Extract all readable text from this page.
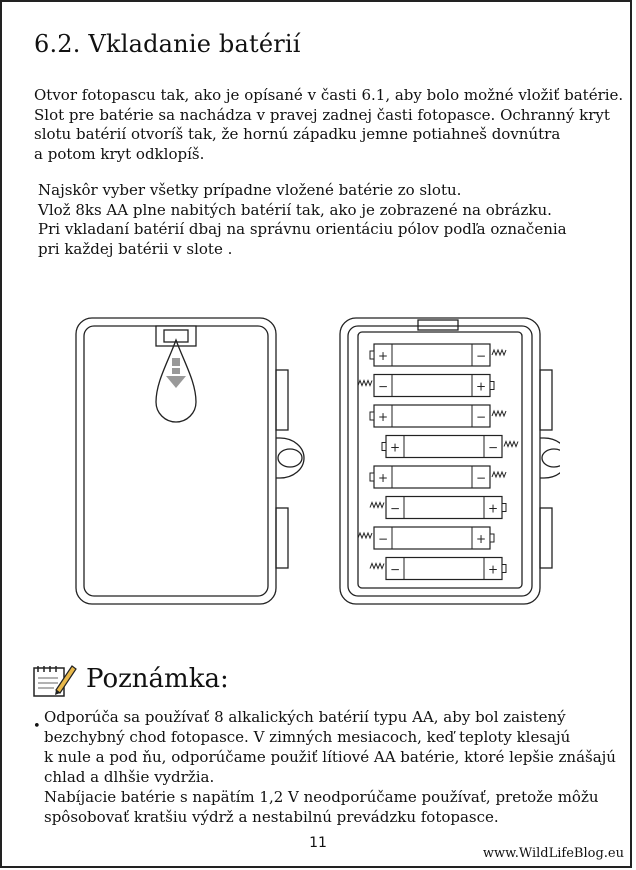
6.2. Vkladanie batérií

Otvor fotopascu tak, ako je opísané v časti 6.1, aby bolo možné vložiť batérie.
Slot pre batérie sa nachádza v pravej zadnej časti fotopasce. Ochranný kryt
slotu batérií otvoríš tak, že hornú západku jemne potiahneš dovnútra
a potom kryt odklopíš.

Najskôr vyber všetky prípadne vložené batérie zo slotu.
Vlož 8ks AA plne nabitých batérií tak, ako je zobrazené na obrázku.
Pri vkladaní batérií dbaj na správnu orientáciu pólov podľa označenia
pri každej batérii v slote .

+	−
−	+
+	−
+	−
+	−
−	+
−	+
−	+
Poznámka:
•

Odporúča sa používať 8 alkalických batérií typu AA, aby bol zaistený
bezchybný chod fotopasce. V zimných mesiacoch, keď teploty klesajú
k nule a pod ňu, odporúčame použiť lítiové AA batérie, ktoré lepšie znášajú
chlad a dlhšie vydržia.
Nabíjacie batérie s napätím 1,2 V neodporúčame používať, pretože môžu
spôsobovať kratšiu výdrž a nestabilnú prevádzku fotopasce.

11
www.WildLifeBlog.eu
